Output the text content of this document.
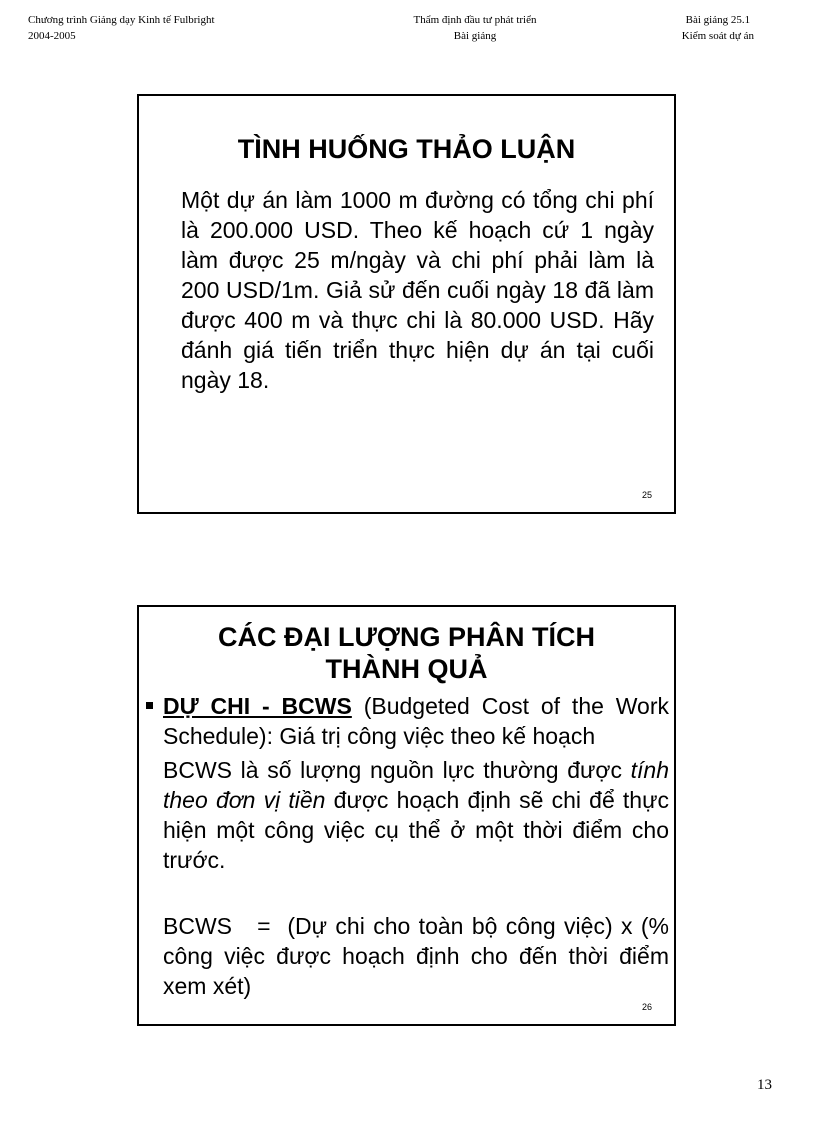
Chương trình Giảng dạy Kinh tế Fulbright
2004-2005
Thẩm định đầu tư phát triển
Bài giảng
Bài giảng 25.1
Kiểm soát dự án
TÌNH HUỐNG THẢO LUẬN
Một dự án làm 1000 m đường có tổng chi phí là 200.000 USD. Theo kế hoạch cứ 1 ngày làm được 25 m/ngày và chi phí phải làm là 200 USD/1m. Giả sử đến cuối ngày 18 đã làm được 400 m và thực chi là 80.000 USD. Hãy đánh giá tiến triển thực hiện dự án tại cuối ngày 18.
25
CÁC ĐẠI LƯỢNG PHÂN TÍCH
THÀNH QUẢ

DỰ CHI - BCWS (Budgeted Cost of the Work Schedule): Giá trị công việc theo kế hoạch

BCWS là số lượng nguồn lực thường được tính theo đơn vị tiền được hoạch định sẽ chi để thực hiện một công việc cụ thể ở một thời điểm cho trước.

BCWS   =  (Dự chi cho toàn bộ công việc) x (% công việc được hoạch định cho đến thời điểm xem xét)

26
13
